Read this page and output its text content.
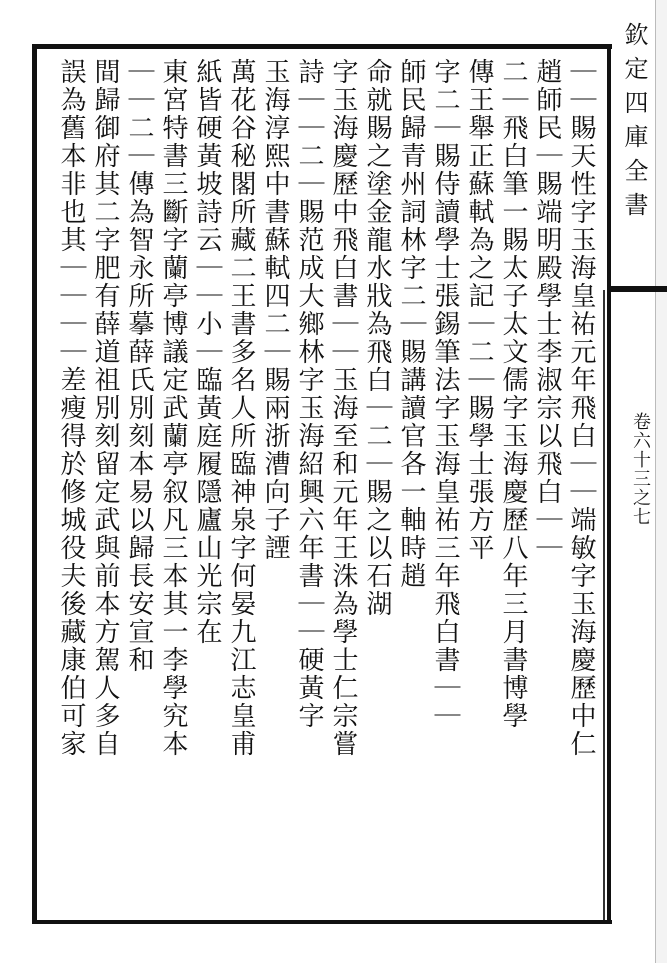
欽定四庫全書
卷六十三之七
｜｜賜天性字玉海皇祐元年飛白｜｜端敏字玉海慶歷中仁
趙師民｜賜端明殿學士李淑宗以飛白｜｜
二｜飛白筆一賜太子太文儒字玉海慶歷八年三月書博學
傳王舉正蘇軾為之記｜二｜賜學士張方平
字二｜賜侍讀學士張錫筆法字玉海皇祐三年飛白書｜｜
師民歸青州詞林字二｜賜講讀官各一軸時趙
命就賜之塗金龍水戕為飛白｜二｜賜之以石湖
字玉海慶歷中飛白書｜｜玉海至和元年王洙為學士仁宗嘗
詩｜｜二｜賜范成大鄉林字玉海紹興六年書｜｜硬黃字
玉海淳熙中書蘇軾四二｜賜兩浙漕向子諲
萬花谷秘閣所藏二王書多名人所臨神泉字何晏九江志皇甫
紙皆硬黃坡詩云｜｜小｜臨黃庭履隱廬山光宗在
東宮特書三斷字蘭亭博議定武蘭亭叙凡三本其一李學究本
｜｜二｜傳為智永所摹薛氏別刻本易以歸長安宣和
間歸御府其二字肥有薛道祖別刻留定武與前本方駕人多自
誤為舊本非也其｜｜｜｜差瘦得於修城役夫後藏康伯可家
